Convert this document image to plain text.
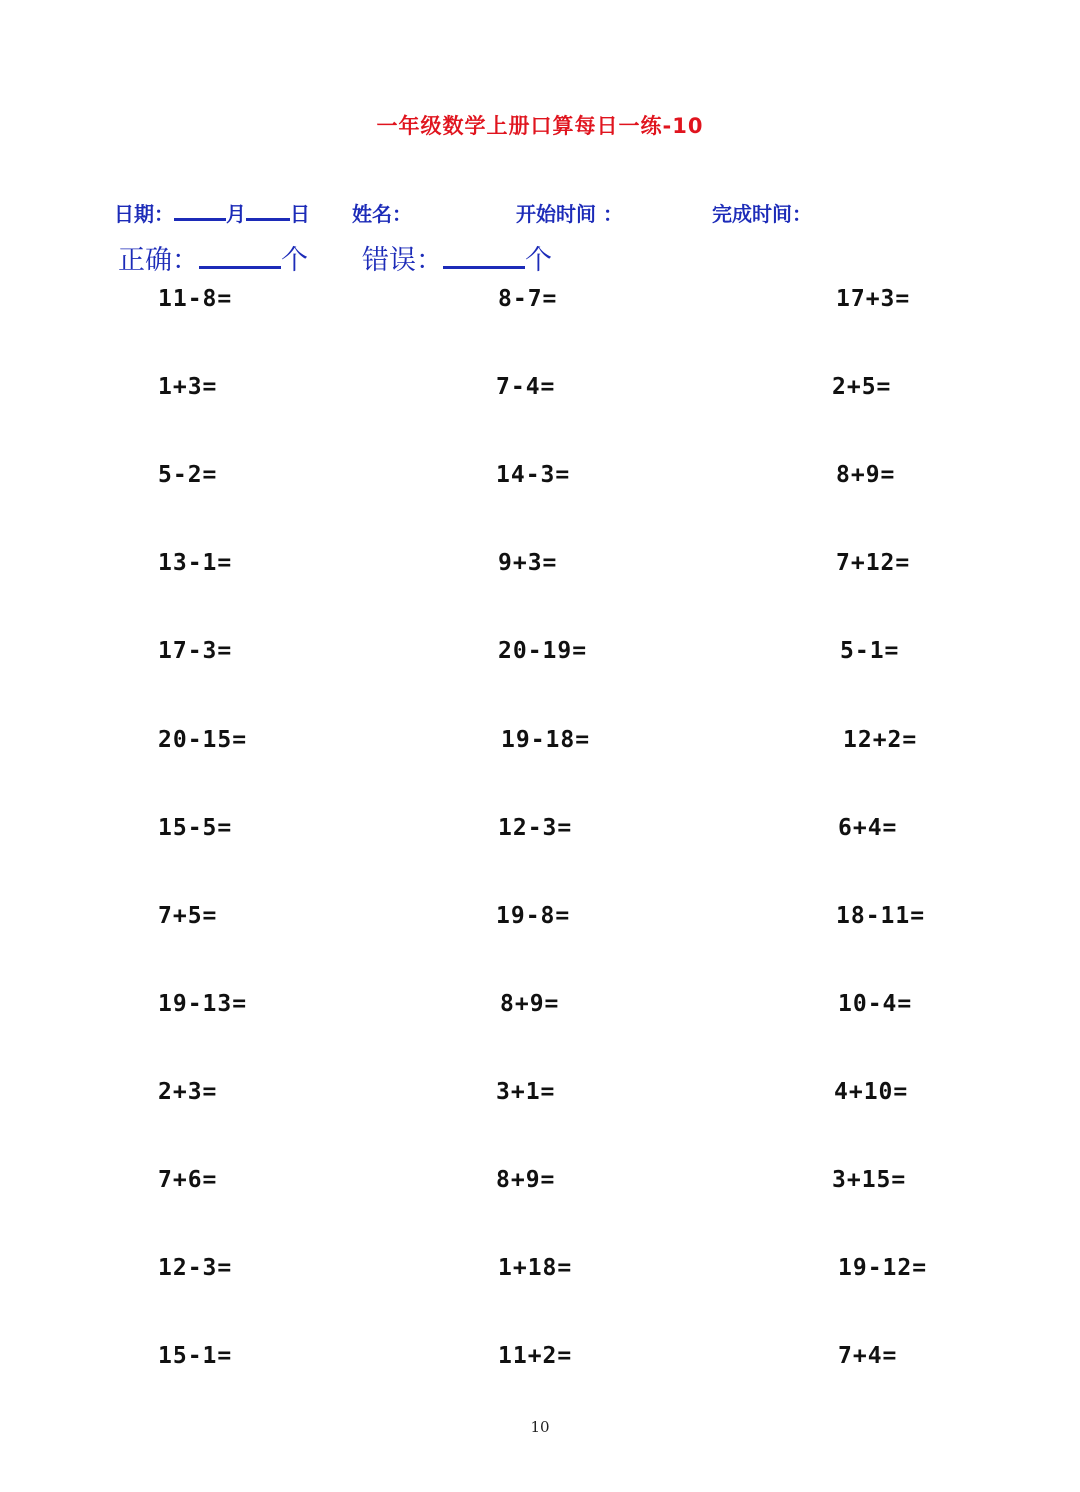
一年级数学上册口算每日一练-10
日期：	月 日 姓名：	开始时间 ：	完成时间：
正确：	个 错误：	个
11-8=	8-7=	17+3=
1+3=	7-4=	2+5=
5-2=	14-3=	8+9=
13-1=	9+3=	7+12=
17-3=	20-19=	5-1=
20-15=	19-18=	12+2=
15-5=	12-3=	6+4=
7+5=	19-8=	18-11=
19-13=	8+9=	10-4=
2+3=	3+1=	4+10=
7+6=	8+9=	3+15=
12-3=	1+18=	19-12=
15-1=	11+2=	7+4=
10
